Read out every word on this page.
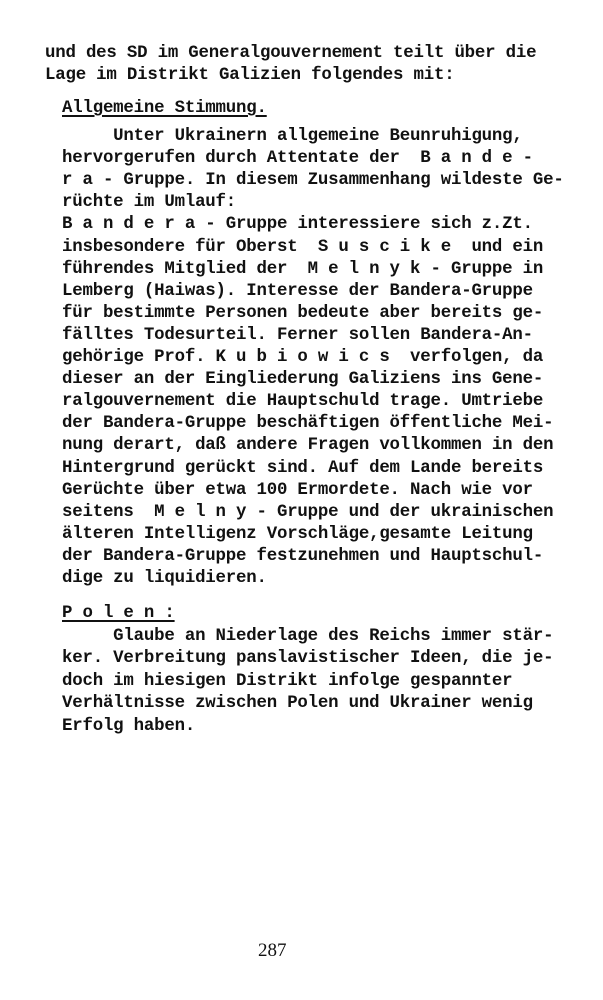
und des SD im Generalgouvernement teilt über die
Lage im Distrikt Galizien folgendes mit:
Allgemeine Stimmung.
Unter Ukrainern allgemeine Beunruhigung,
hervorgerufen durch Attentate der  B a n d e -
r a - Gruppe. In diesem Zusammenhang wildeste Ge-
rüchte im Umlauf:
B a n d e r a - Gruppe interessiere sich z.Zt.
insbesondere für Oberst  S u s c i k e  und ein
führendes Mitglied der  M e l n y k - Gruppe in
Lemberg (Haiwas). Interesse der Bandera-Gruppe
für bestimmte Personen bedeute aber bereits ge-
fälltes Todesurteil. Ferner sollen Bandera-An-
gehörige Prof. K u b i o w i c s  verfolgen, da
dieser an der Eingliederung Galiziens ins Gene-
ralgouvernement die Hauptschuld trage. Umtriebe
der Bandera-Gruppe beschäftigen öffentliche Mei-
nung derart, daß andere Fragen vollkommen in den
Hintergrund gerückt sind. Auf dem Lande bereits
Gerüchte über etwa 100 Ermordete. Nach wie vor
seitens  M e l n y - Gruppe und der ukrainischen
älteren Intelligenz Vorschläge,gesamte Leitung
der Bandera-Gruppe festzunehmen und Hauptschul-
dige zu liquidieren.
P o l e n :
Glaube an Niederlage des Reichs immer stär-
ker. Verbreitung panslavistischer Ideen, die je-
doch im hiesigen Distrikt infolge gespannter
Verhältnisse zwischen Polen und Ukrainer wenig
Erfolg haben.
287
